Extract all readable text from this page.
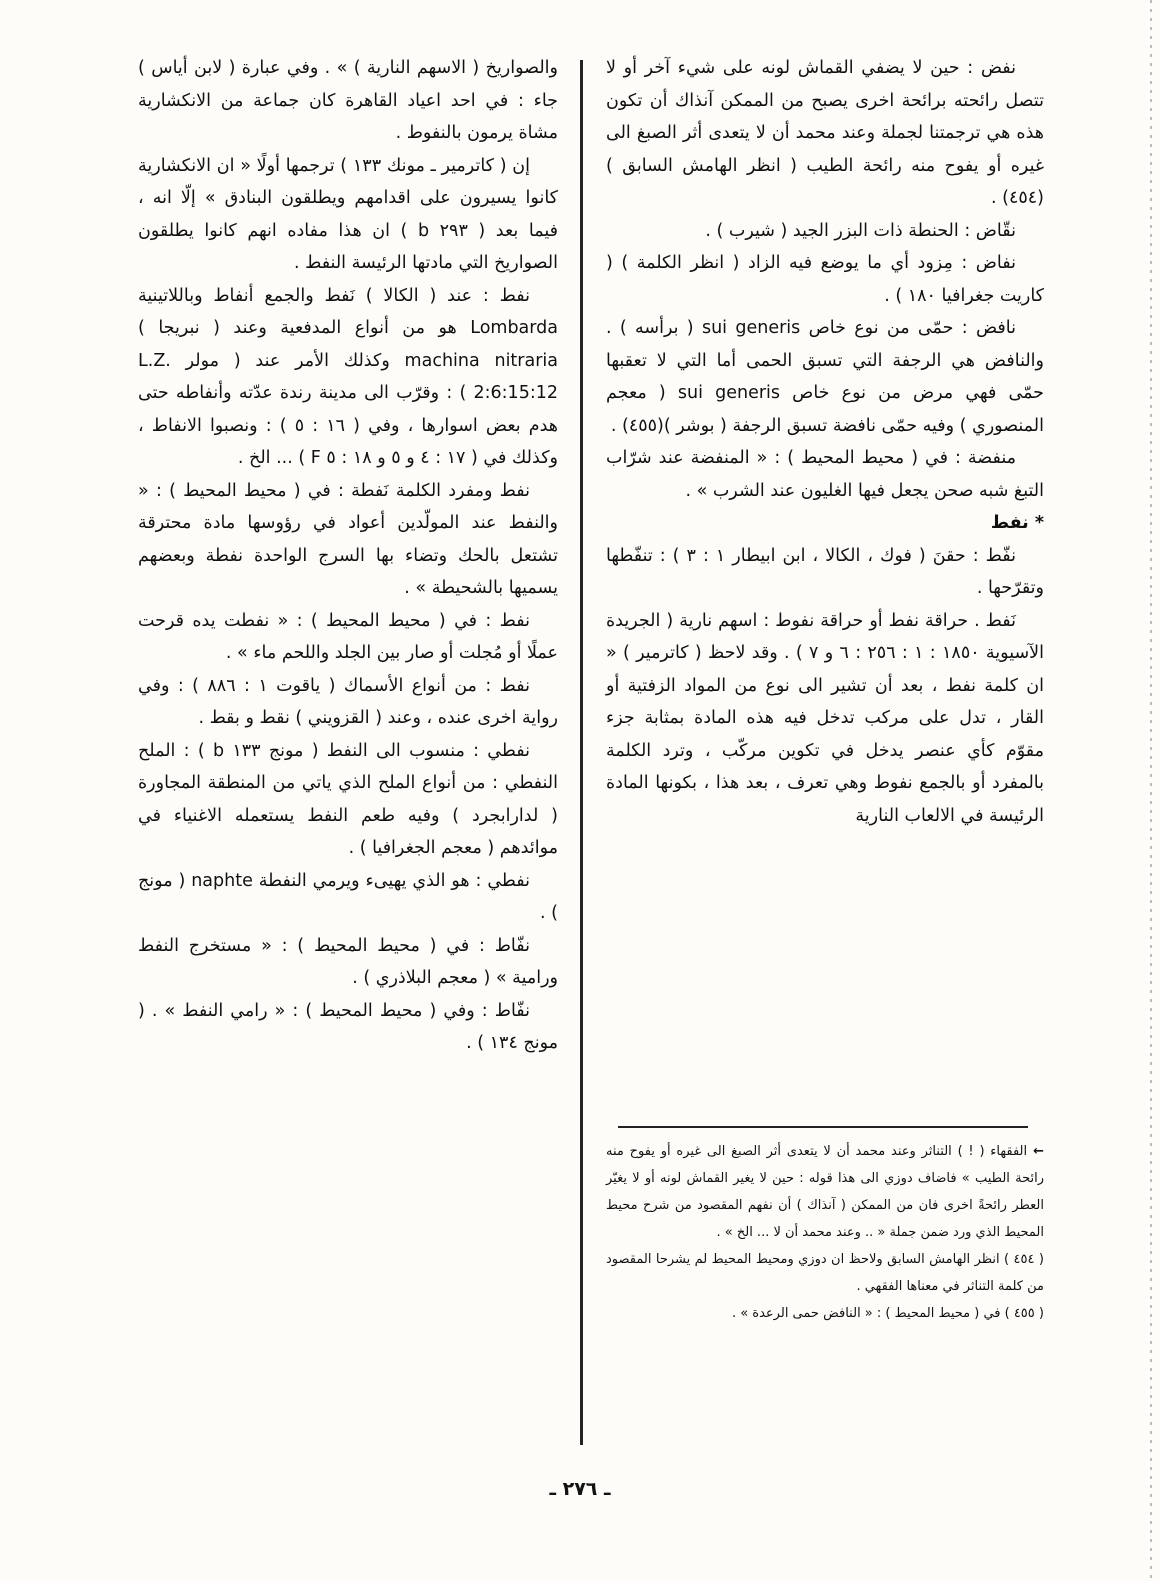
نفض : حين لا يضفي القماش لونه على شيء آخر أو لا تتصل رائحته برائحة اخرى يصبح من الممكن آنذاك أن تكون هذه هي ترجمتنا لجملة وعند محمد أن لا يتعدى أثر الصبغ الى غيره أو يفوح منه رائحة الطيب ( انظر الهامش السابق )(٤٥٤) .

نقّاض : الحنطة ذات البزر الجيد ( شيرب ) .

نفاض : مِزود أي ما يوضع فيه الزاد ( انظر الكلمة ) ( كاريت جغرافيا ١٨٠ ) .

نافض : حمّى من نوع خاص sui generis ( برأسه ) . والنافض هي الرجفة التي تسبق الحمى أما التي لا تعقبها حمّى فهي مرض من نوع خاص sui generis ( معجم المنصوري ) وفيه حمّى نافضة تسبق الرجفة ( بوشر )(٤٥٥) .

منفضة : في ( محيط المحيط ) : « المنفضة عند شرّاب التبغ شبه صحن يجعل فيها الغليون عند الشرب » .

* نفط

نفّط : حقنَ ( فوك ، الكالا ، ابن ابيطار ١ : ٣ ) : تنفّطها وتقرّحها .

نَفط . حراقة نفط أو حراقة نفوط : اسهم نارية ( الجريدة الآسيوية ١٨٥٠ : ١ : ٢٥٦ : ٦ و ٧ ) . وقد لاحظ ( كاترمير ) « ان كلمة نفط ، بعد أن تشير الى نوع من المواد الزفتية أو القار ، تدل على مركب تدخل فيه هذه المادة بمثابة جزء مقوّم كأي عنصر يدخل في تكوين مركّب ، وترد الكلمة بالمفرد أو بالجمع نفوط وهي تعرف ، بعد هذا ، بكونها المادة الرئيسة في الالعاب النارية

والصواريخ ( الاسهم النارية ) » . وفي عبارة ( لابن أياس ) جاء : في احد اعياد القاهرة كان جماعة من الانكشارية مشاة يرمون بالنفوط .

إن ( كاترمير ـ مونك ١٣٣ ) ترجمها أولًا « ان الانكشارية كانوا يسيرون على اقدامهم ويطلقون البنادق » إلّا انه ، فيما بعد ( ٢٩٣ b ) ان هذا مفاده انهم كانوا يطلقون الصواريخ التي مادتها الرئيسة النفط .

نفط : عند ( الكالا ) نَفط والجمع أنفاط وباللاتينية Lombarda هو من أنواع المدفعية وعند ( نبريجا ) machina nitraria وكذلك الأمر عند ( مولر L.Z. 2:6:15:12 ) : وقرّب الى مدينة رندة عدّته وأنفاطه حتى هدم بعض اسوارها ، وفي ( ١٦ : ٥ ) : ونصبوا الانفاط ، وكذلك في ( ١٧ : ٤ و ٥ و ١٨ : ٥ F ) ... الخ .

نفط ومفرد الكلمة نَفطة : في ( محيط المحيط ) : « والنفط عند المولّدين أعواد في رؤوسها مادة محترقة تشتعل بالحك وتضاء بها السرج الواحدة نفطة وبعضهم يسميها بالشحيطة » .

نفط : في ( محيط المحيط ) : « نفطت يده قرحت عملًا أو مُجلت أو صار بين الجلد واللحم ماء » .

نفط : من أنواع الأسماك ( ياقوت ١ : ٨٨٦ ) : وفي رواية اخرى عنده ، وعند ( القزويني ) نقط و بقط .

نفطي : منسوب الى النفط ( مونج ١٣٣ b ) : الملح النفطي : من أنواع الملح الذي ياتي من المنطقة المجاورة ( لدارابجرد ) وفيه طعم النفط يستعمله الاغنياء في موائدهم ( معجم الجغرافيا ) .

نفطي : هو الذي يهيىء ويرمي النفطة naphte ( مونج ) .

نفّاط : في ( محيط المحيط ) : « مستخرج النفط ورامية » ( معجم البلاذري ) .

نفّاط : وفي ( محيط المحيط ) : « رامي النفط » . ( مونج ١٣٤ ) .

←الفقهاء ( ! ) التناثر وعند محمد أن لا يتعدى أثر الصبغ الى غيره أو يفوح منه رائحة الطيب » فاضاف دوزي الى هذا قوله : حين لا يغير القماش لونه أو لا يغيّر العطر رائحةً اخرى فان من الممكن ( آنذاك ) أن نفهم المقصود من شرح محيط المحيط الذي ورد ضمن جملة « .. وعند محمد أن لا ... الخ » .

( ٤٥٤ ) انظر الهامش السابق ولاحظ ان دوزي ومحيط المحيط لم يشرحا المقصود من كلمة التناثر في معناها الفقهي .

( ٤٥٥ ) في ( محيط المحيط ) : « النافض حمى الرعدة » .

ـ ٢٧٦ ـ
